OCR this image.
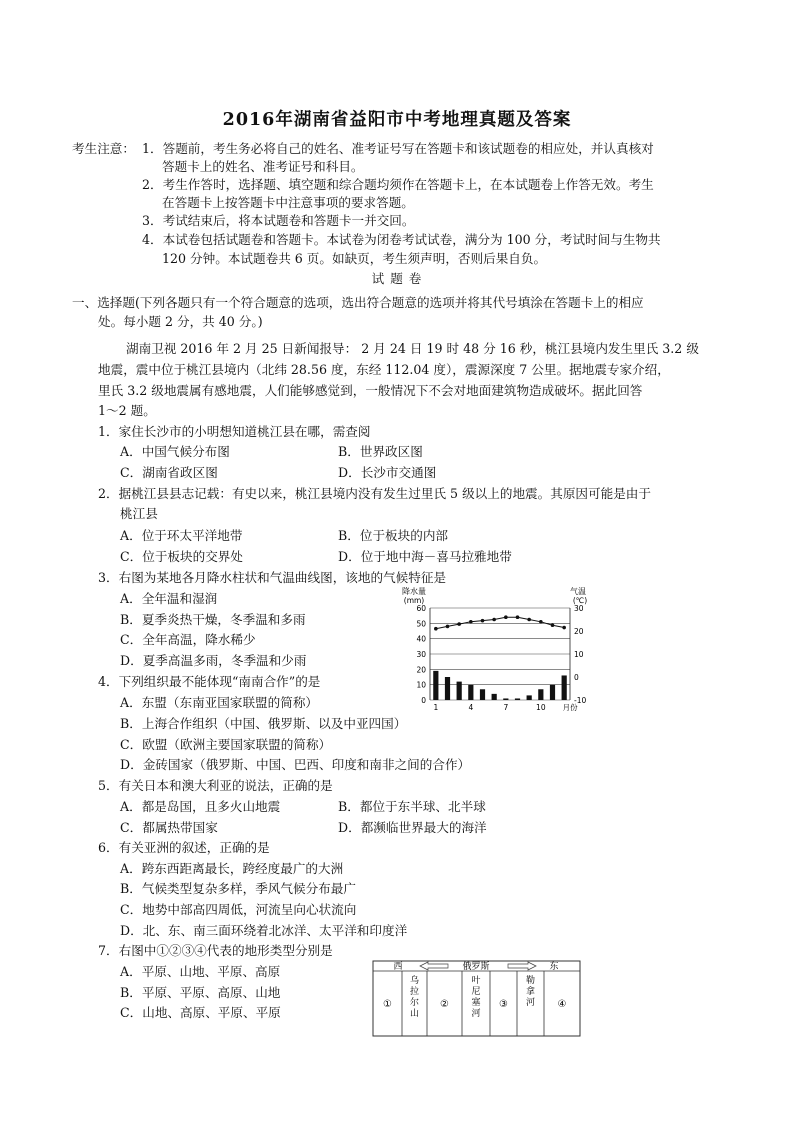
2016年湖南省益阳市中考地理真题及答案
考生注意： 1．答题前，考生务必将自己的姓名、准考证号写在答题卡和该试题卷的相应处，并认真核对
答题卡上的姓名、准考证号和科目。
2．考生作答时，选择题、填空题和综合题均须作在答题卡上，在本试题卷上作答无效。考生
在答题卡上按答题卡中注意事项的要求答题。
3．考试结束后，将本试题卷和答题卡一并交回。
4．本试卷包括试题卷和答题卡。本试卷为闭卷考试试卷，满分为 100 分，考试时间与生物共
120 分钟。本试题卷共 6 页。如缺页，考生须声明，否则后果自负。
试 题 卷
一、选择题(下列各题只有一个符合题意的选项，选出符合题意的选项并将其代号填涂在答题卡上的相应
处。每小题 2 分，共 40 分。)
湖南卫视 2016 年 2 月 25 日新闻报导： 2 月 24 日 19 时 48 分 16 秒，桃江县境内发生里氏 3.2 级
地震，震中位于桃江县境内（北纬 28.56 度，东经 112.04 度），震源深度 7 公里。据地震专家介绍，
里氏 3.2 级地震属有感地震，人们能够感觉到，一般情况下不会对地面建筑物造成破坏。据此回答
1～2 题。
1．家住长沙市的小明想知道桃江县在哪，需查阅
A．中国气候分布图	B．世界政区图
C．湖南省政区图	D．长沙市交通图
2．据桃江县县志记载：有史以来，桃江县境内没有发生过里氏 5 级以上的地震。其原因可能是由于
桃江县
A．位于环太平洋地带	B．位于板块的内部
C．位于板块的交界处	D．位于地中海－喜马拉雅地带
3．右图为某地各月降水柱状和气温曲线图，该地的气候特征是
A．全年温和湿润
B．夏季炎热干燥，冬季温和多雨
C．全年高温，降水稀少
D．夏季高温多雨，冬季温和少雨
降水量
(mm)
气温
(℃)
0
10
20
30
40
50
60
-10
0
10
20
30
1	4	7	10 月份
4．下列组织最不能体现“南南合作”的是
A．东盟（东南亚国家联盟的简称）
B．上海合作组织（中国、俄罗斯、以及中亚四国）
C．欧盟（欧洲主要国家联盟的简称）
D．金砖国家（俄罗斯、中国、巴西、印度和南非之间的合作）
5．有关日本和澳大利亚的说法，正确的是
A．都是岛国，且多火山地震	B．都位于东半球、北半球
C．都属热带国家	D．都濒临世界最大的海洋
6．有关亚洲的叙述，正确的是
A．跨东西距离最长，跨经度最广的大洲
B．气候类型复杂多样，季风气候分布最广
C．地势中部高四周低，河流呈向心状流向
D．北、东、南三面环绕着北冰洋、太平洋和印度洋
7．右图中①②③④代表的地形类型分别是
A．平原、山地、平原、高原
B．平原、平原、高原、山地
C．山地、高原、平原、平原
西	俄罗斯	东
①
乌
拉
尔
山
②
叶
尼
塞
河
③
勒
拿
河 ④
